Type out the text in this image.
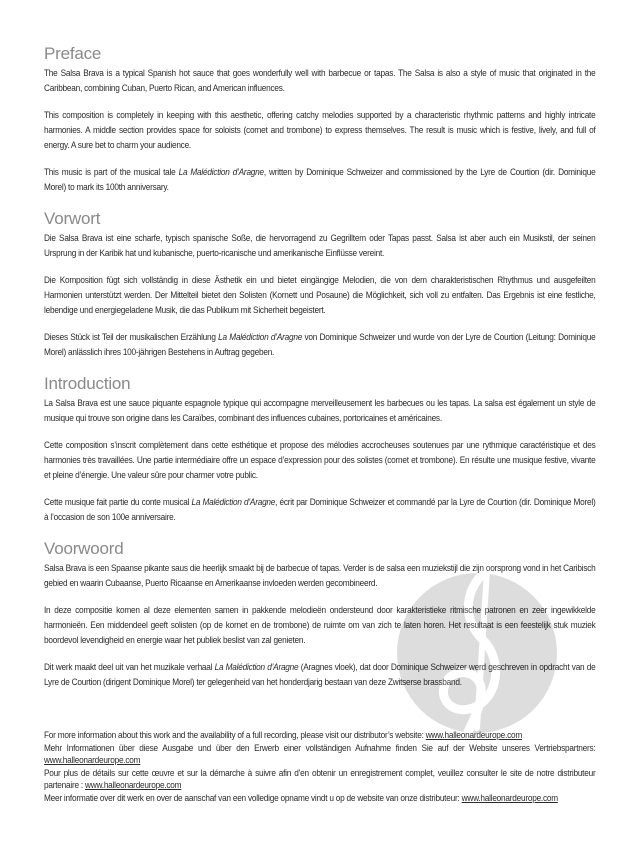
Preface

The Salsa Brava is a typical Spanish hot sauce that goes wonderfully well with barbecue or tapas. The Salsa is also a style of music that originated in the Caribbean, combining Cuban, Puerto Rican, and American influences.

This composition is completely in keeping with this aesthetic, offering catchy melodies supported by a characteristic rhythmic patterns and highly intricate harmonies. A middle section provides space for soloists (cornet and trombone) to express themselves. The result is music which is festive, lively, and full of energy. A sure bet to charm your audience.

This music is part of the musical tale La Malédiction d’Aragne, written by Dominique Schweizer and commissioned by the Lyre de Courtion (dir. Dominique Morel) to mark its 100th anniversary.

Vorwort

Die Salsa Brava ist eine scharfe, typisch spanische Soße, die hervorragend zu Gegrilltem oder Tapas passt. Salsa ist aber auch ein Musikstil, der seinen Ursprung in der Karibik hat und kubanische, puerto-ricanische und amerikanische Einflüsse vereint.

Die Komposition fügt sich vollständig in diese Ästhetik ein und bietet eingängige Melodien, die von dem charakteristischen Rhythmus und ausgefeilten Harmonien unterstützt werden. Der Mittelteil bietet den Solisten (Kornett und Posaune) die Möglichkeit, sich voll zu entfalten. Das Ergebnis ist eine festliche, lebendige und energiegeladene Musik, die das Publikum mit Sicherheit begeistert.

Dieses Stück ist Teil der musikalischen Erzählung La Malédiction d’Aragne von Dominique Schweizer und wurde von der Lyre de Courtion (Leitung: Dominique Morel) anlässlich ihres 100-jährigen Bestehens in Auftrag gegeben.

Introduction

La Salsa Brava est une sauce piquante espagnole typique qui accompagne merveilleusement les barbecues ou les tapas. La salsa est également un style de musique qui trouve son origine dans les Caraïbes, combinant des influences cubaines, portoricaines et américaines.

Cette composition s’inscrit complètement dans cette esthétique et propose des mélodies accrocheuses soutenues par une rythmique caractéristique et des harmonies très travaillées. Une partie intermédiaire offre un espace d’expression pour des solistes (cornet et trombone). En résulte une musique festive, vivante et pleine d’énergie. Une valeur sûre pour charmer votre public.

Cette musique fait partie du conte musical La Malédiction d’Aragne, écrit par Dominique Schweizer et commandé par la Lyre de Courtion (dir. Dominique Morel) à l’occasion de son 100e anniversaire.

Voorwoord

Salsa Brava is een Spaanse pikante saus die heerlijk smaakt bij de barbecue of tapas. Verder is de salsa een muziekstijl die zijn oorsprong vond in het Caribisch gebied en waarin Cubaanse, Puerto Ricaanse en Amerikaanse invloeden werden gecombineerd.

In deze compositie komen al deze elementen samen in pakkende melodieën ondersteund door karakteristieke ritmische patronen en zeer ingewikkelde harmonieën. Een middendeel geeft solisten (op de kornet en de trombone) de ruimte om van zich te laten horen. Het resultaat is een feestelijk stuk muziek boordevol levendigheid en energie waar het publiek beslist van zal genieten.

Dit werk maakt deel uit van het muzikale verhaal La Malédiction d’Aragne (Aragnes vloek), dat door Dominique Schweizer werd geschreven in opdracht van de Lyre de Courtion (dirigent Dominique Morel) ter gelegenheid van het honderdjarig bestaan van deze Zwitserse brassband.

For more information about this work and the availability of a full recording, please visit our distributor’s website: www.halleonardeurope.com

Mehr Informationen über diese Ausgabe und über den Erwerb einer vollständigen Aufnahme finden Sie auf der Website unseres Vertriebspartners: www.halleonardeurope.com

Pour plus de détails sur cette œuvre et sur la démarche à suivre afin d’en obtenir un enregistrement complet, veuillez consulter le site de notre distributeur partenaire : www.halleonardeurope.com

Meer informatie over dit werk en over de aanschaf van een volledige opname vindt u op de website van onze distributeur: www.halleonardeurope.com
